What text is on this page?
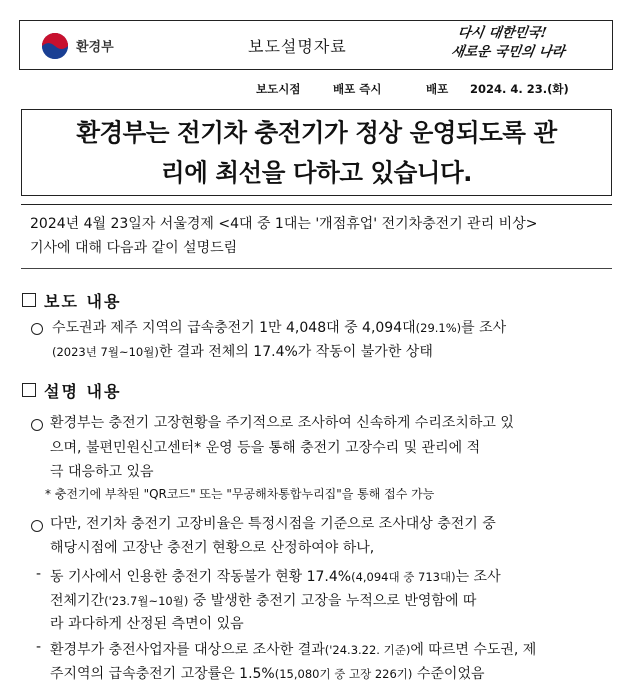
환경부	보도설명자료
다시 대한민국!
새로운 국민의 나라
보도시점	배포 즉시	배포 2024. 4. 23.(화)
환경부는 전기차 충전기가 정상 운영되도록 관
리에 최선을 다하고 있습니다.
2024년 4월 23일자 서울경제 <4대 중 1대는 '개점휴업' 전기차충전기 관리 비상>
기사에 대해 다음과 같이 설명드림
보도 내용
수도권과 제주 지역의 급속충전기 1만 4,048대 중 4,094대(29.1%)를 조사
(2023년 7월~10월)한 결과 전체의 17.4%가 작동이 불가한 상태
설명 내용
환경부는 충전기 고장현황을 주기적으로 조사하여 신속하게 수리조치하고 있
으며, 불편민원신고센터* 운영 등을 통해 충전기 고장수리 및 관리에 적
극 대응하고 있음
* 충전기에 부착된 "QR코드" 또는 "무공해차통합누리집"을 통해 접수 가능
다만, 전기차 충전기 고장비율은 특정시점을 기준으로 조사대상 충전기 중
해당시점에 고장난 충전기 현황으로 산정하여야 하나,
- 동 기사에서 인용한 충전기 작동불가 현황 17.4%(4,094대 중 713대)는 조사
전체기간('23.7월~10월) 중 발생한 충전기 고장을 누적으로 반영함에 따
라 과다하게 산정된 측면이 있음
- 환경부가 충전사업자를 대상으로 조사한 결과('24.3.22. 기준)에 따르면 수도권, 제
주지역의 급속충전기 고장률은 1.5%(15,080기 중 고장 226기) 수준이었음
